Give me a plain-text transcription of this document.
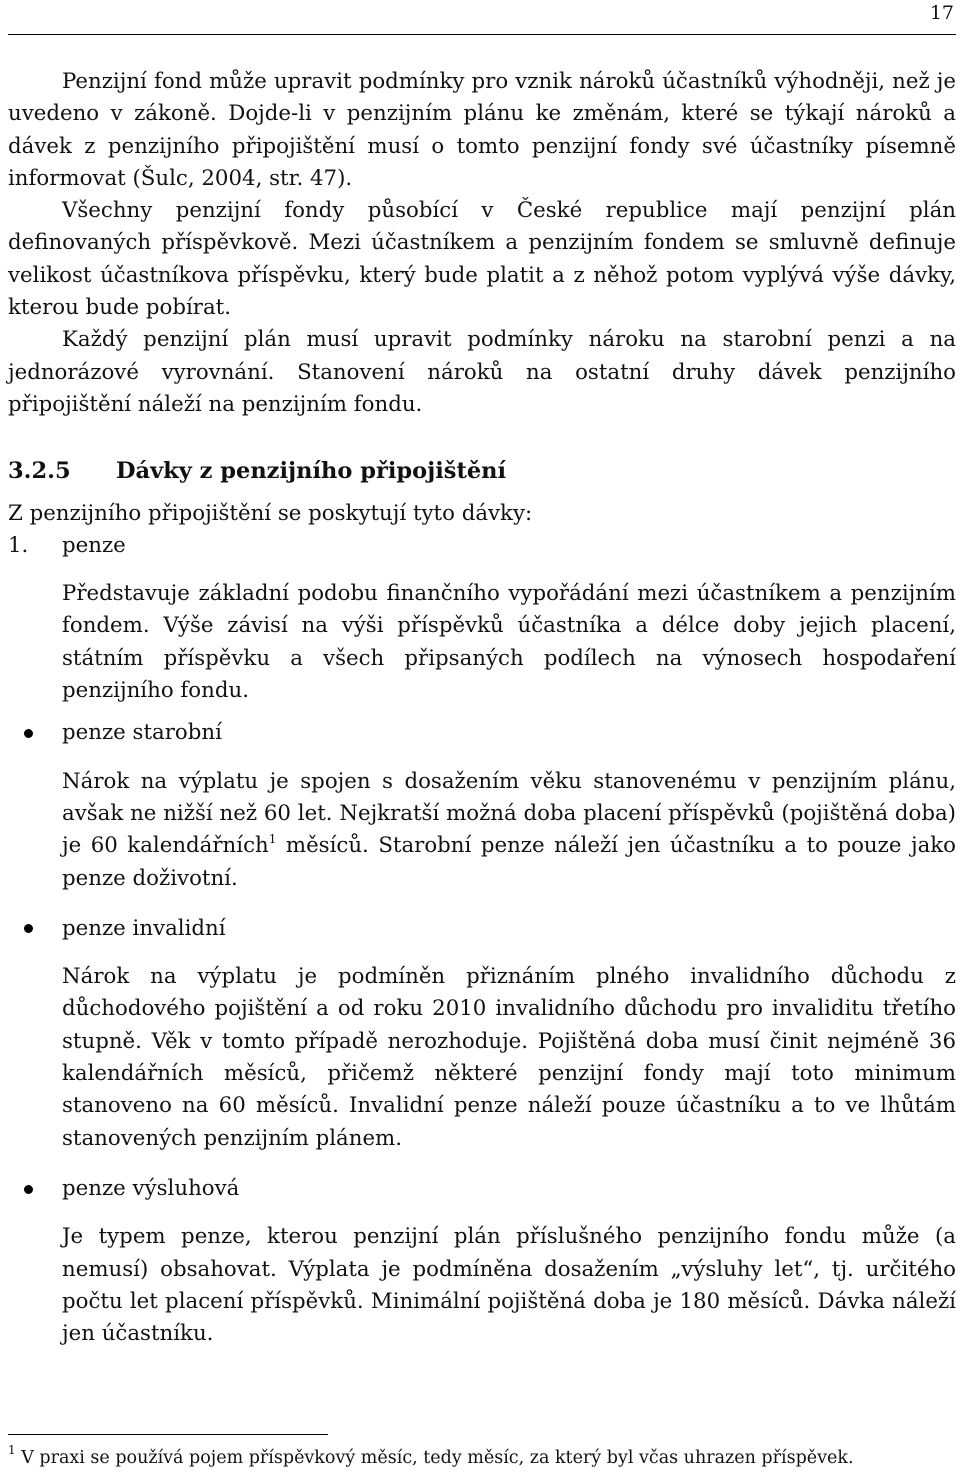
17

Penzijní fond může upravit podmínky pro vznik nároků účastníků výhodněji, než je uvedeno v zákoně. Dojde-li v penzijním plánu ke změnám, které se týkají nároků a dávek z penzijního připojištění musí o tomto penzijní fondy své účastníky písemně informovat (Šulc, 2004, str. 47).

Všechny penzijní fondy působící v České republice mají penzijní plán definovaných příspěvkově. Mezi účastníkem a penzijním fondem se smluvně definuje velikost účastníkova příspěvku, který bude platit a z něhož potom vyplývá výše dávky, kterou bude pobírat.

Každý penzijní plán musí upravit podmínky nároku na starobní penzi a na jednorázové vyrovnání. Stanovení nároků na ostatní druhy dávek penzijního připojištění náleží na penzijním fondu.

3.2.5	Dávky z penzijního připojištění

Z penzijního připojištění se poskytují tyto dávky:

1.	penze

Představuje základní podobu finančního vypořádání mezi účastníkem a penzijním fondem. Výše závisí na výši příspěvků účastníka a délce doby jejich placení, státním příspěvku a všech připsaných podílech na výnosech hospodaření penzijního fondu.

penze starobní

Nárok na výplatu je spojen s dosažením věku stanovenému v penzijním plánu, avšak ne nižší než 60 let. Nejkratší možná doba placení příspěvků (pojištěná doba) je 60 kalendářních$^1$ měsíců. Starobní penze náleží jen účastníku a to pouze jako penze doživotní.

penze invalidní

Nárok na výplatu je podmíněn přiznáním plného invalidního důchodu z důchodového pojištění a od roku 2010 invalidního důchodu pro invaliditu třetího stupně. Věk v tomto případě nerozhoduje. Pojištěná doba musí činit nejméně 36 kalendářních měsíců, přičemž některé penzijní fondy mají toto minimum stanoveno na 60 měsíců. Invalidní penze náleží pouze účastníku a to ve lhůtám stanovených penzijním plánem.

penze výsluhová

Je typem penze, kterou penzijní plán příslušného penzijního fondu může (a nemusí) obsahovat. Výplata je podmíněna dosažením „výsluhy let“, tj. určitého počtu let placení příspěvků. Minimální pojištěná doba je 180 měsíců. Dávka náleží jen účastníku.

$^1$ V praxi se používá pojem příspěvkový měsíc, tedy měsíc, za který byl včas uhrazen příspěvek.
